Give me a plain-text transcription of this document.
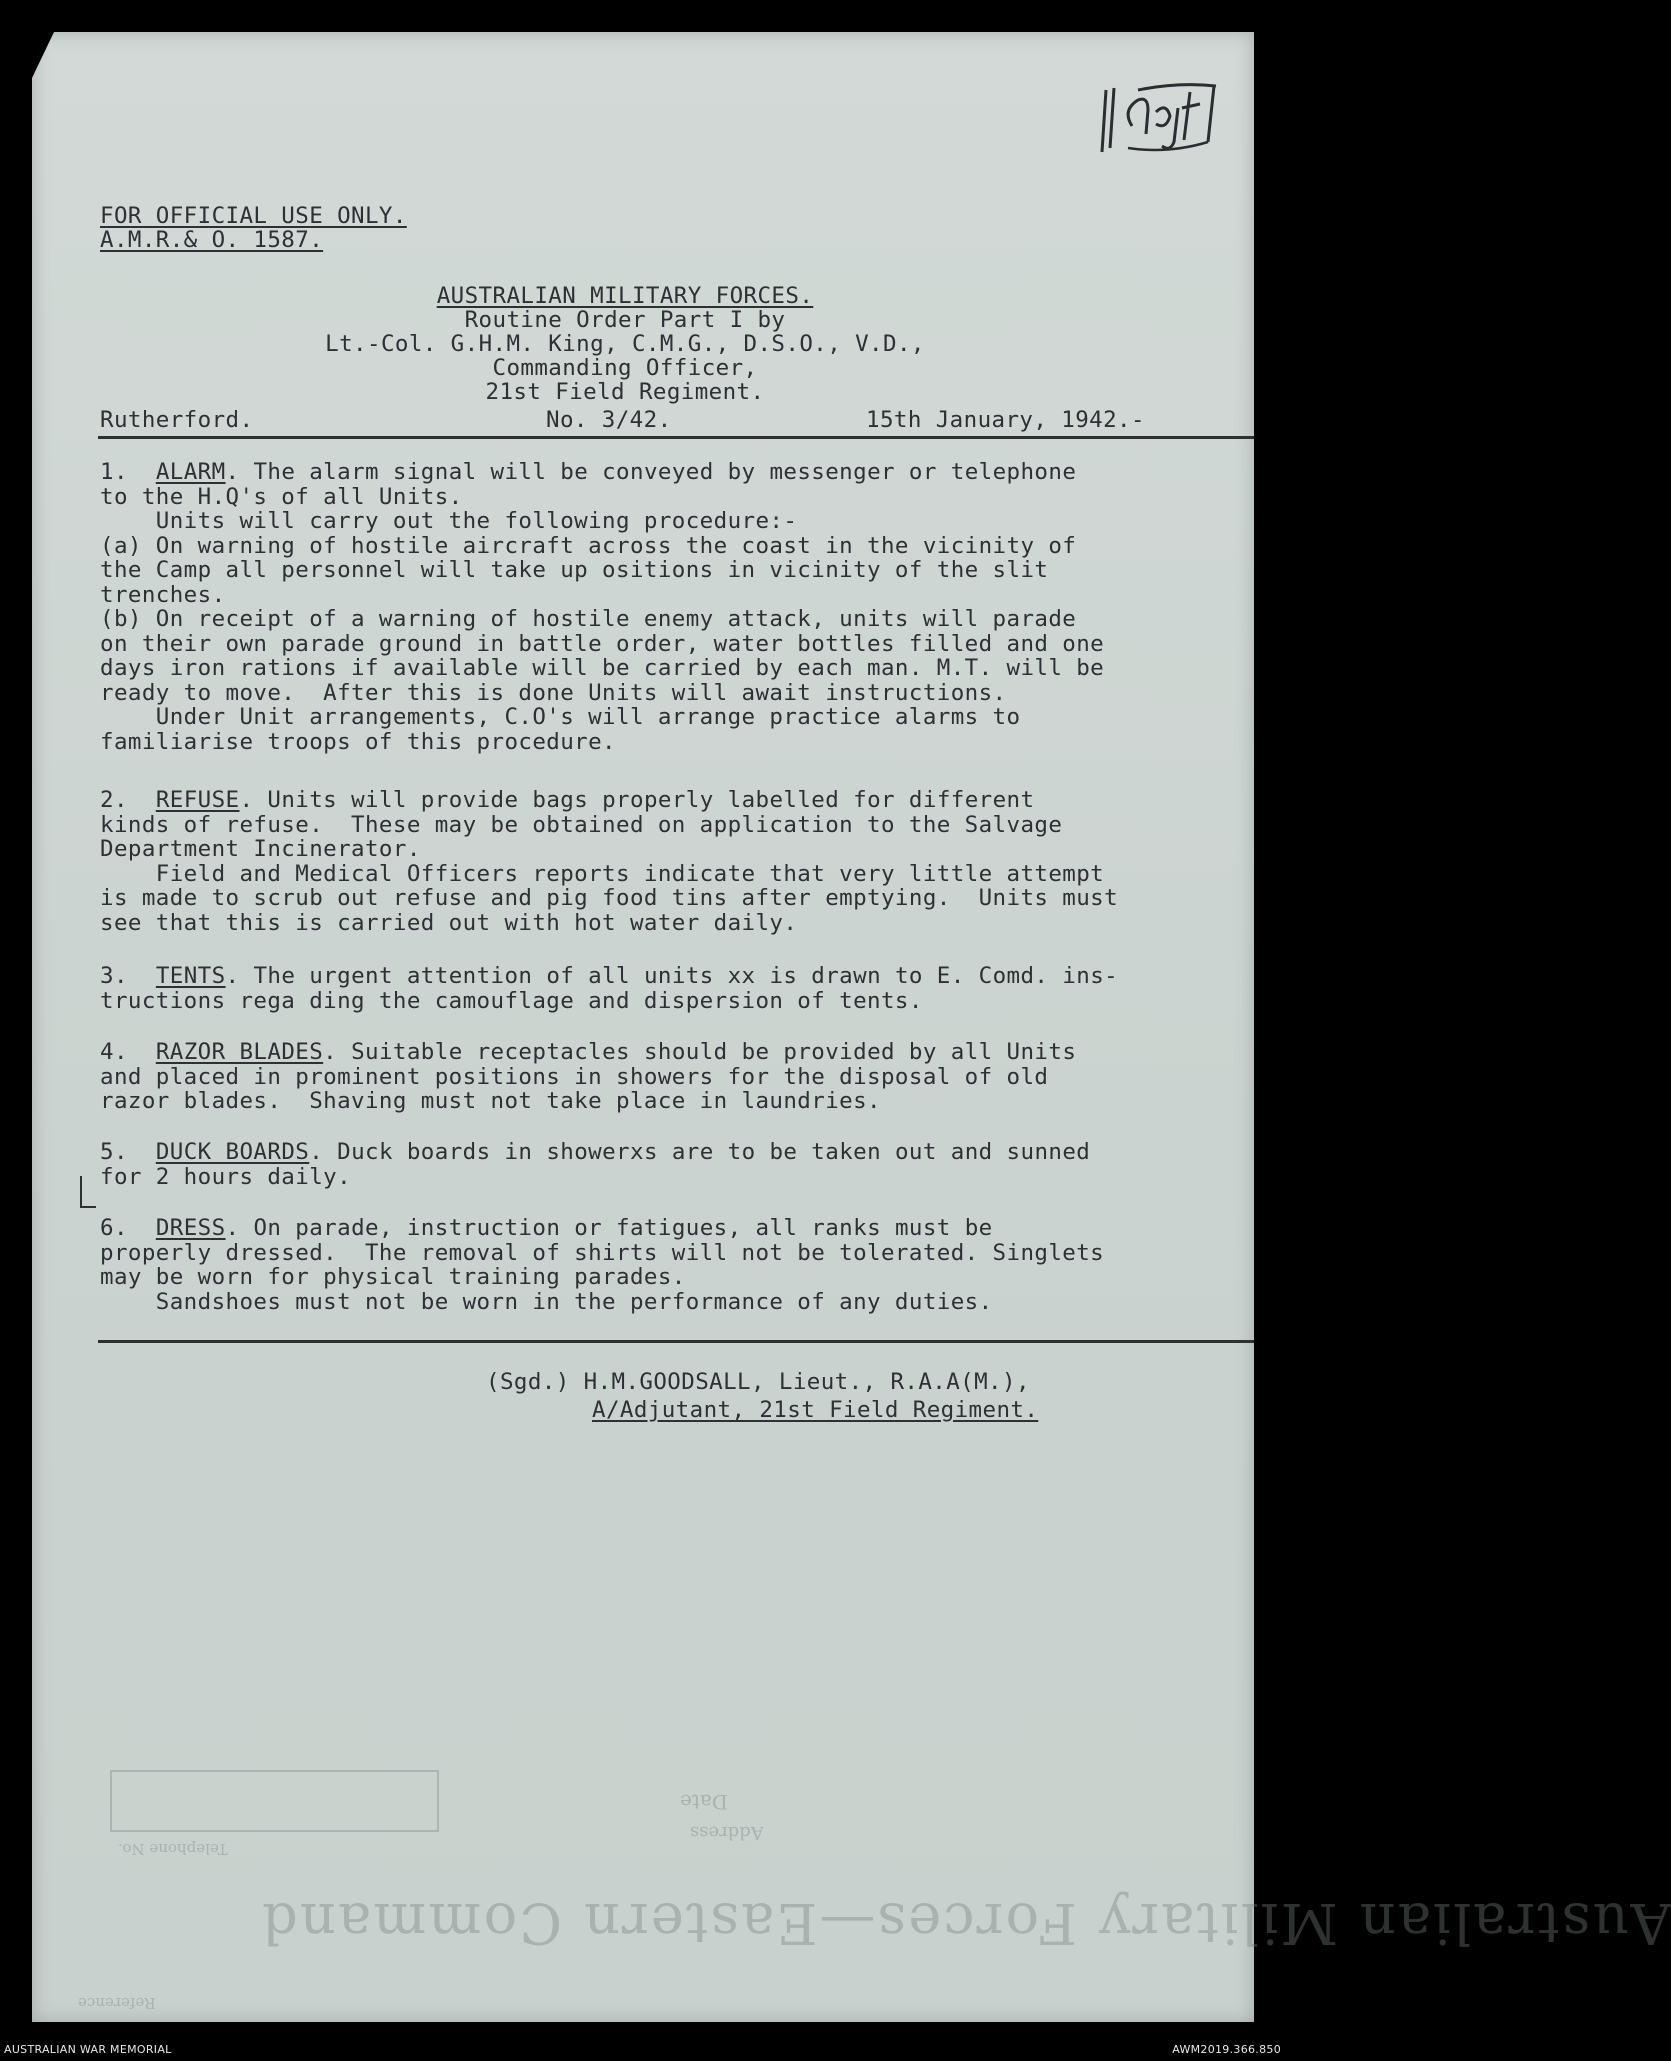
FOR OFFICIAL USE ONLY.
A.M.R.& O. 1587.
AUSTRALIAN MILITARY FORCES.
Routine Order Part I by
Lt.-Col. G.H.M. King, C.M.G., D.S.O., V.D.,
Commanding Officer,
21st Field Regiment.
Rutherford.	No. 3/42.	15th January, 1942.-
1. ALARM. The alarm signal will be conveyed by messenger or telephone
to the H.Q's of all Units.
Units will carry out the following procedure:-
(a) On warning of hostile aircraft across the coast in the vicinity of
the Camp all personnel will take up ositions in vicinity of the slit
trenches.
(b) On receipt of a warning of hostile enemy attack, units will parade
on their own parade ground in battle order, water bottles filled and one
days iron rations if available will be carried by each man. M.T. will be
ready to move.  After this is done Units will await instructions.
Under Unit arrangements, C.O's will arrange practice alarms to
familiarise troops of this procedure.
2. REFUSE. Units will provide bags properly labelled for different
kinds of refuse.  These may be obtained on application to the Salvage
Department Incinerator.
Field and Medical Officers reports indicate that very little attempt
is made to scrub out refuse and pig food tins after emptying.  Units must
see that this is carried out with hot water daily.
3. TENTS. The urgent attention of all units xx is drawn to E. Comd. ins-
tructions rega ding the camouflage and dispersion of tents.
4. RAZOR BLADES. Suitable receptacles should be provided by all Units
and placed in prominent positions in showers for the disposal of old
razor blades.  Shaving must not take place in laundries.
5. DUCK BOARDS. Duck boards in showerxs are to be taken out and sunned
for 2 hours daily.
6. DRESS. On parade, instruction or fatigues, all ranks must be
properly dressed.  The removal of shirts will not be tolerated. Singlets
may be worn for physical training parades.
Sandshoes must not be worn in the performance of any duties.
(Sgd.) H.M.GOODSALL, Lieut., R.A.A(M.),
A/Adjutant, 21st Field Regiment.
Date
Address
Telephone No.
Australian Military Forces—Eastern Command
Reference
AUSTRALIAN WAR MEMORIAL	AWM2019.366.850
